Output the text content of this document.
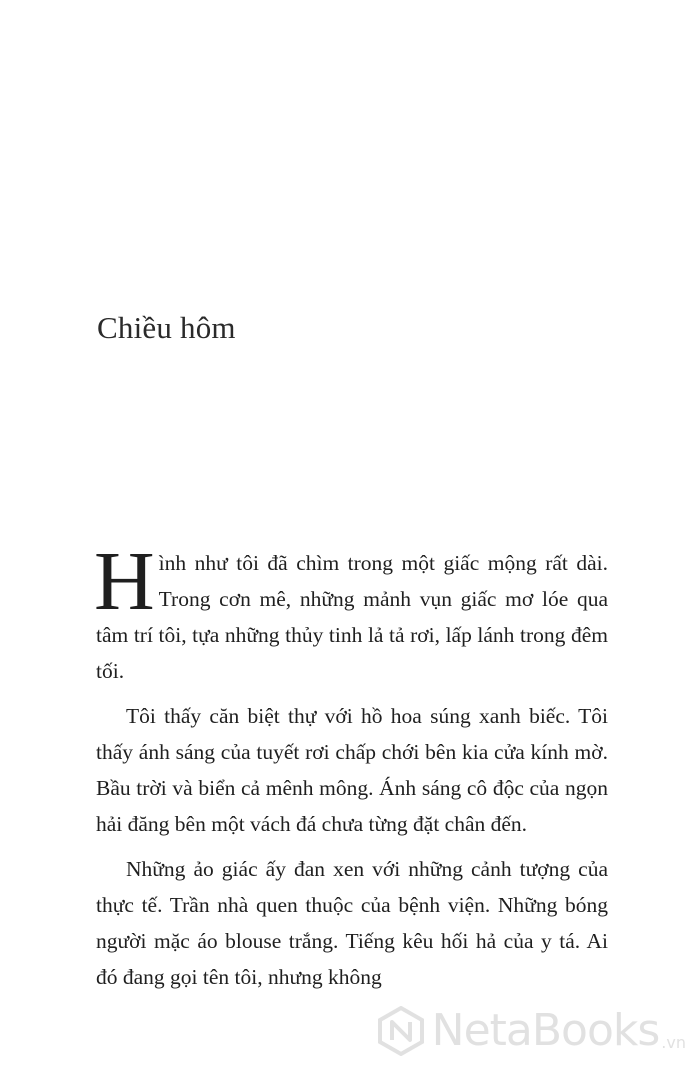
Chiều hôm

Hình như tôi đã chìm trong một giấc mộng rất dài. Trong cơn mê, những mảnh vụn giấc mơ lóe qua tâm trí tôi, tựa những thủy tinh lả tả rơi, lấp lánh trong đêm tối.

Tôi thấy căn biệt thự với hồ hoa súng xanh biếc. Tôi thấy ánh sáng của tuyết rơi chấp chới bên kia cửa kính mờ. Bầu trời và biển cả mênh mông. Ánh sáng cô độc của ngọn hải đăng bên một vách đá chưa từng đặt chân đến.

Những ảo giác ấy đan xen với những cảnh tượng của thực tế. Trần nhà quen thuộc của bệnh viện. Những bóng người mặc áo blouse trắng. Tiếng kêu hối hả của y tá. Ai đó đang gọi tên tôi, nhưng không

NetaBooks .vn
